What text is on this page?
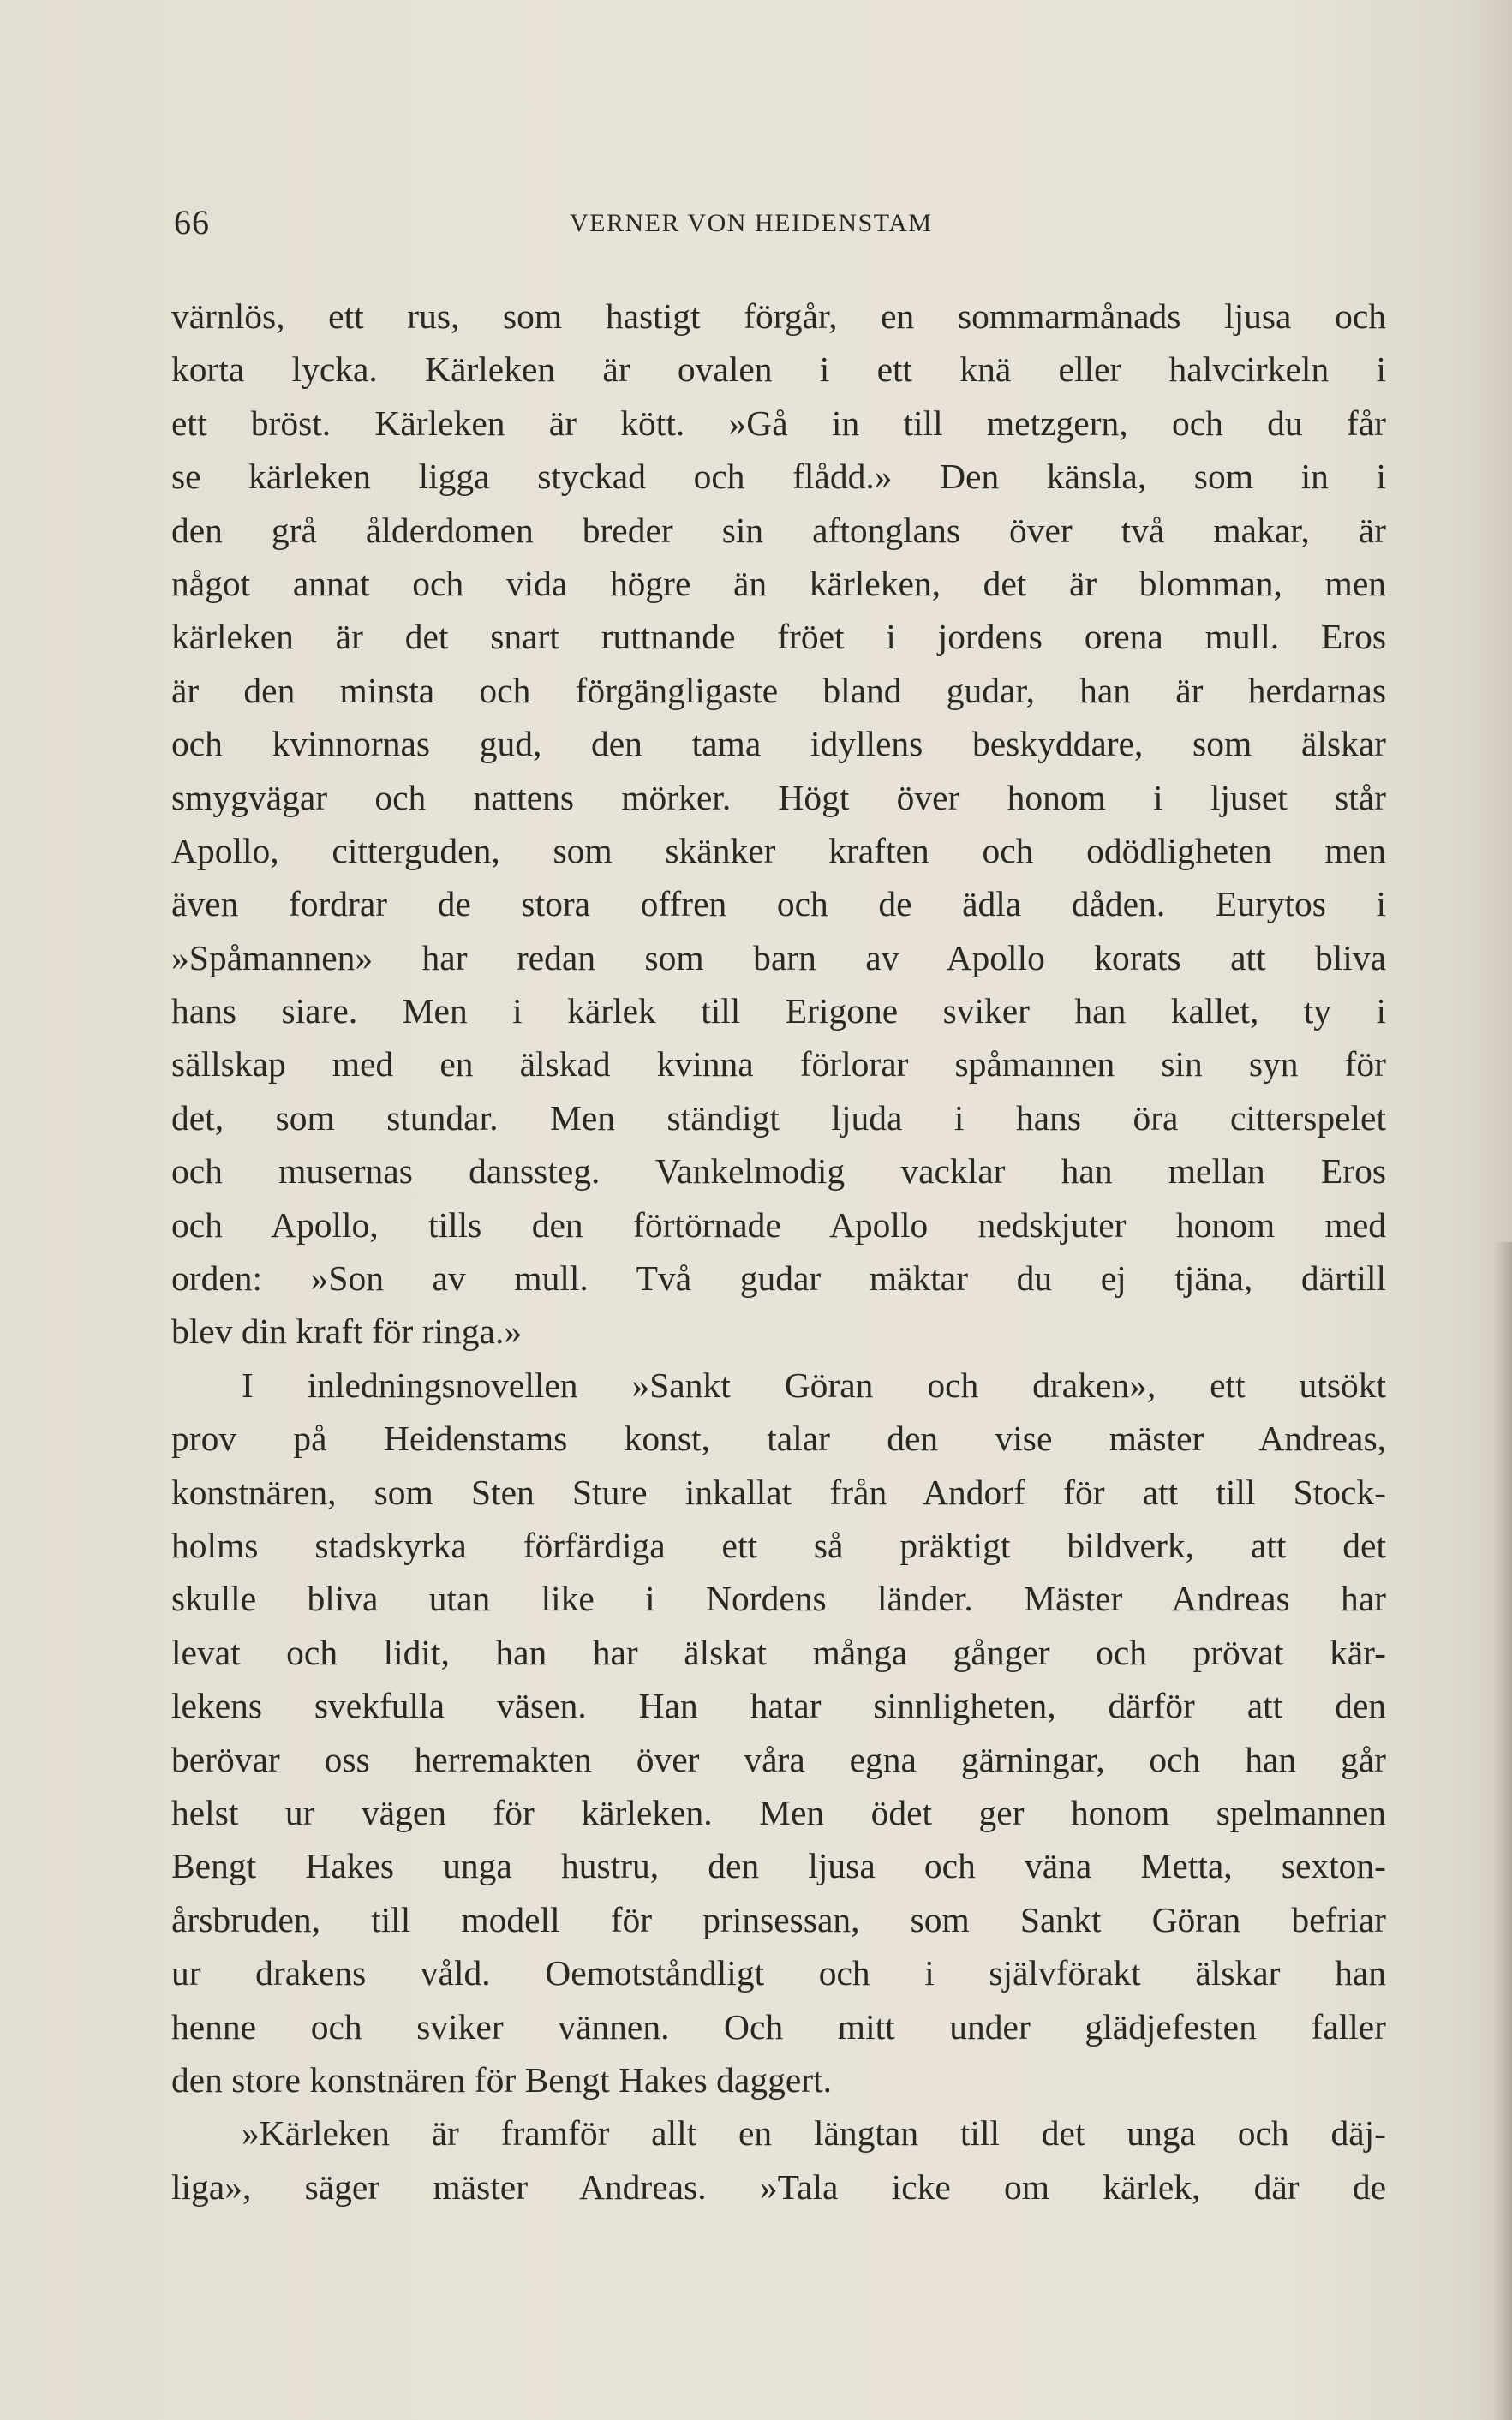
66	VERNER VON HEIDENSTAM
värnlös, ett rus, som hastigt förgår, en sommarmånads ljusa och
korta lycka. Kärleken är ovalen i ett knä eller halvcirkeln i
ett bröst. Kärleken är kött. »Gå in till metzgern, och du får
se kärleken ligga styckad och flådd.» Den känsla, som in i
den grå ålderdomen breder sin aftonglans över två makar, är
något annat och vida högre än kärleken, det är blomman, men
kärleken är det snart ruttnande fröet i jordens orena mull. Eros
är den minsta och förgängligaste bland gudar, han är herdarnas
och kvinnornas gud, den tama idyllens beskyddare, som älskar
smygvägar och nattens mörker. Högt över honom i ljuset står
Apollo, citterguden, som skänker kraften och odödligheten men
även fordrar de stora offren och de ädla dåden. Eurytos i
»Spåmannen» har redan som barn av Apollo korats att bliva
hans siare. Men i kärlek till Erigone sviker han kallet, ty i
sällskap med en älskad kvinna förlorar spåmannen sin syn för
det, som stundar. Men ständigt ljuda i hans öra citterspelet
och musernas danssteg. Vankelmodig vacklar han mellan Eros
och Apollo, tills den förtörnade Apollo nedskjuter honom med
orden: »Son av mull. Två gudar mäktar du ej tjäna, därtill
blev din kraft för ringa.»
I inledningsnovellen »Sankt Göran och draken», ett utsökt
prov på Heidenstams konst, talar den vise mäster Andreas,
konstnären, som Sten Sture inkallat från Andorf för att till Stock-
holms stadskyrka förfärdiga ett så präktigt bildverk, att det
skulle bliva utan like i Nordens länder. Mäster Andreas har
levat och lidit, han har älskat många gånger och prövat kär-
lekens svekfulla väsen. Han hatar sinnligheten, därför att den
berövar oss herremakten över våra egna gärningar, och han går
helst ur vägen för kärleken. Men ödet ger honom spelmannen
Bengt Hakes unga hustru, den ljusa och väna Metta, sexton-
årsbruden, till modell för prinsessan, som Sankt Göran befriar
ur drakens våld. Oemotståndligt och i självförakt älskar han
henne och sviker vännen. Och mitt under glädjefesten faller
den store konstnären för Bengt Hakes daggert.
»Kärleken är framför allt en längtan till det unga och däj-
liga», säger mäster Andreas. »Tala icke om kärlek, där de
